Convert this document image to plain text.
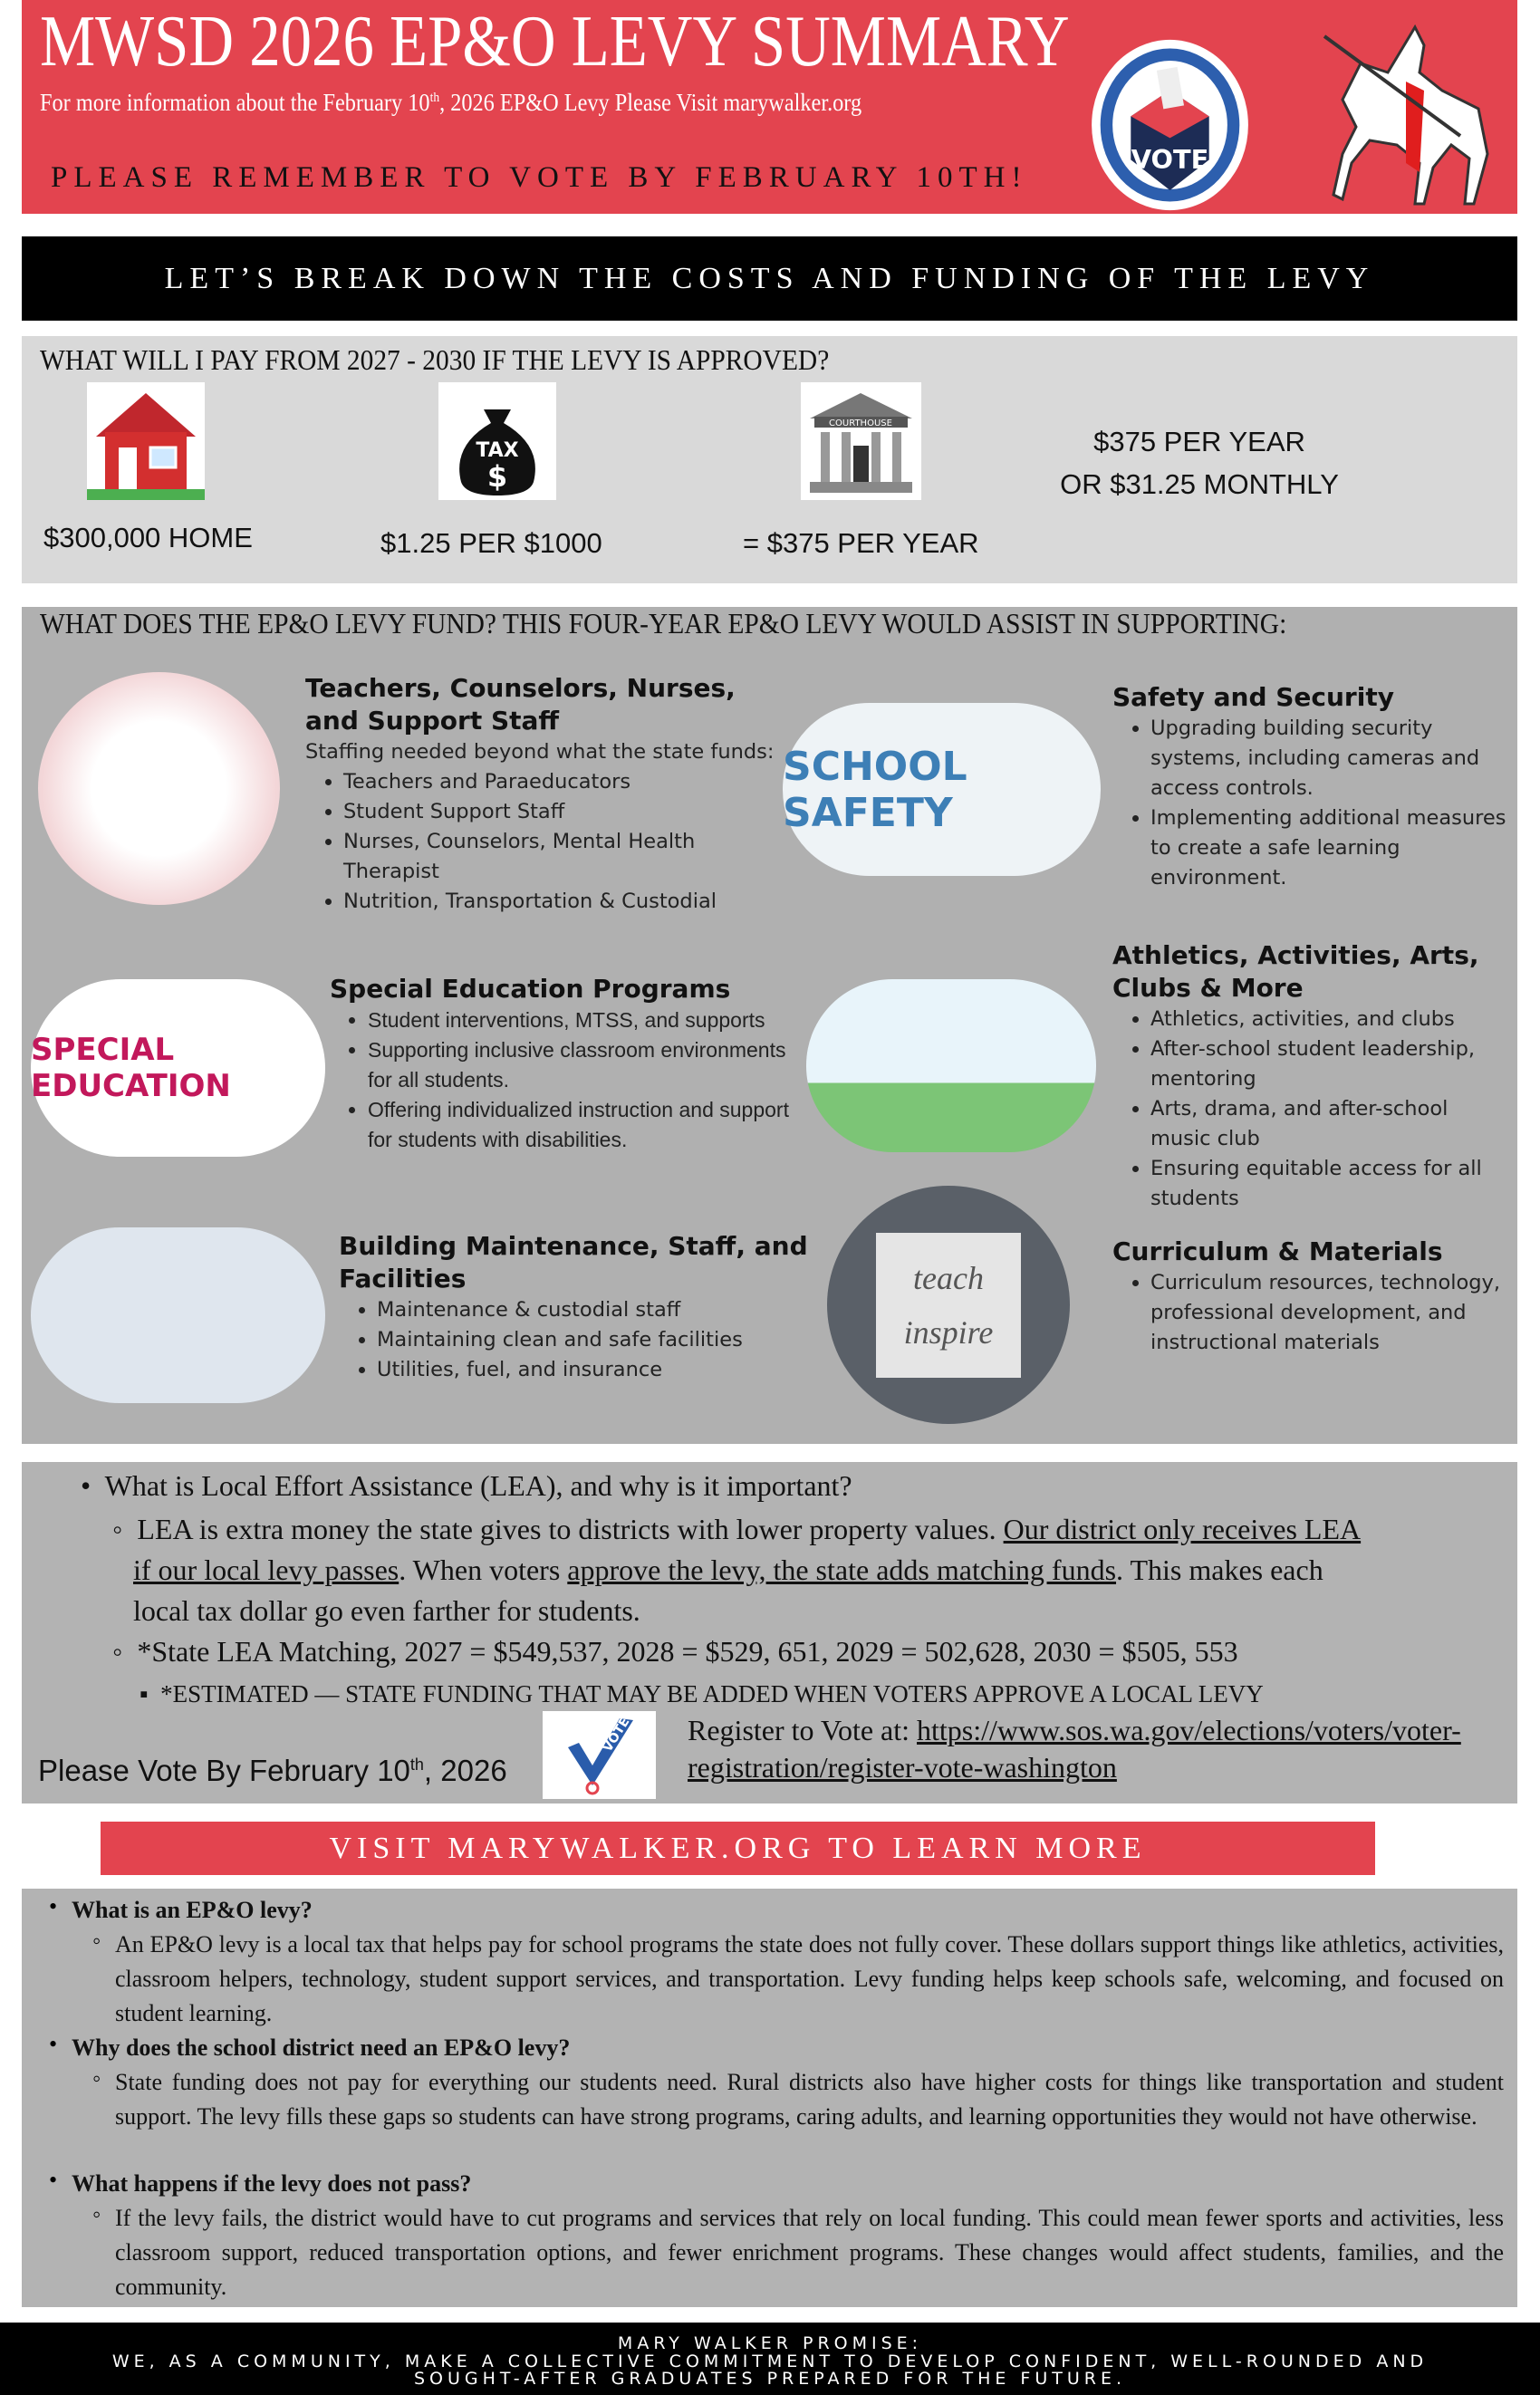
MWSD 2026 EP&O LEVY SUMMARY
For more information about the February 10th, 2026 EP&O Levy Please Visit marywalker.org
PLEASE REMEMBER TO VOTE BY FEBRUARY 10TH!
VOTE
LET’S BREAK DOWN THE COSTS AND FUNDING OF THE LEVY
WHAT WILL I PAY FROM 2027 - 2030 IF THE LEVY IS APPROVED?
TAX
$
COURTHOUSE
$300,000 HOME	$1.25 PER $1000	= $375 PER YEAR
$375 PER YEAR
OR $31.25 MONTHLY
WHAT DOES THE EP&O LEVY FUND? THIS FOUR-YEAR EP&O LEVY WOULD ASSIST IN SUPPORTING:
Teachers, Counselors, Nurses, and Support Staff
Staffing needed beyond what the state funds:
• Teachers and Paraeducators
• Student Support Staff
• Nurses, Counselors, Mental Health Therapist
• Nutrition, Transportation & Custodial
SCHOOL SAFETY
Safety and Security
• Upgrading building security systems, including cameras and access controls.
• Implementing additional measures to create a safe learning environment.
SPECIAL EDUCATION
Special Education Programs
• Student interventions, MTSS, and supports
• Supporting inclusive classroom environments for all students.
• Offering individualized instruction and support for students with disabilities.
Athletics, Activities, Arts, Clubs & More
• Athletics, activities, and clubs
• After-school student leadership, mentoring
• Arts, drama, and after-school music club
• Ensuring equitable access for all students
Building Maintenance, Staff, and Facilities
• Maintenance & custodial staff
• Maintaining clean and safe facilities
• Utilities, fuel, and insurance
teach
inspire
Curriculum & Materials
• Curriculum resources, technology, professional development, and instructional materials
•  What is Local Effort Assistance (LEA), and why is it important?
◦  LEA is extra money the state gives to districts with lower property values. Our district only receives LEA
if our local levy passes. When voters approve the levy, the state adds matching funds. This makes each
local tax dollar go even farther for students.
◦  *State LEA Matching, 2027 = $549,537, 2028 = $529, 651, 2029 = 502,628, 2030 = $505, 553
▪  *ESTIMATED — STATE FUNDING THAT MAY BE ADDED WHEN VOTERS APPROVE A LOCAL LEVY
Please Vote By February 10th, 2026
VOTE Register to Vote at: https://www.sos.wa.gov/elections/voters/voter-
registration/register-vote-washington
VISIT MARYWALKER.ORG TO LEARN MORE
• What is an EP&O levy?
◦ An EP&O levy is a local tax that helps pay for school programs the state does not fully cover. These dollars support things like athletics, activities, classroom helpers, technology, student support services, and transportation. Levy funding helps keep schools safe, welcoming, and focused on student learning.
• Why does the school district need an EP&O levy?
◦ State funding does not pay for everything our students need. Rural districts also have higher costs for things like transportation and student support. The levy fills these gaps so students can have strong programs, caring adults, and learning opportunities they would not have otherwise.
• What happens if the levy does not pass?
◦ If the levy fails, the district would have to cut programs and services that rely on local funding. This could mean fewer sports and activities, less classroom support, reduced transportation options, and fewer enrichment programs. These changes would affect students, families, and the community.
MARY WALKER PROMISE:
WE, AS A COMMUNITY, MAKE A COLLECTIVE COMMITMENT TO DEVELOP CONFIDENT, WELL-ROUNDED AND
SOUGHT-AFTER GRADUATES PREPARED FOR THE FUTURE.
